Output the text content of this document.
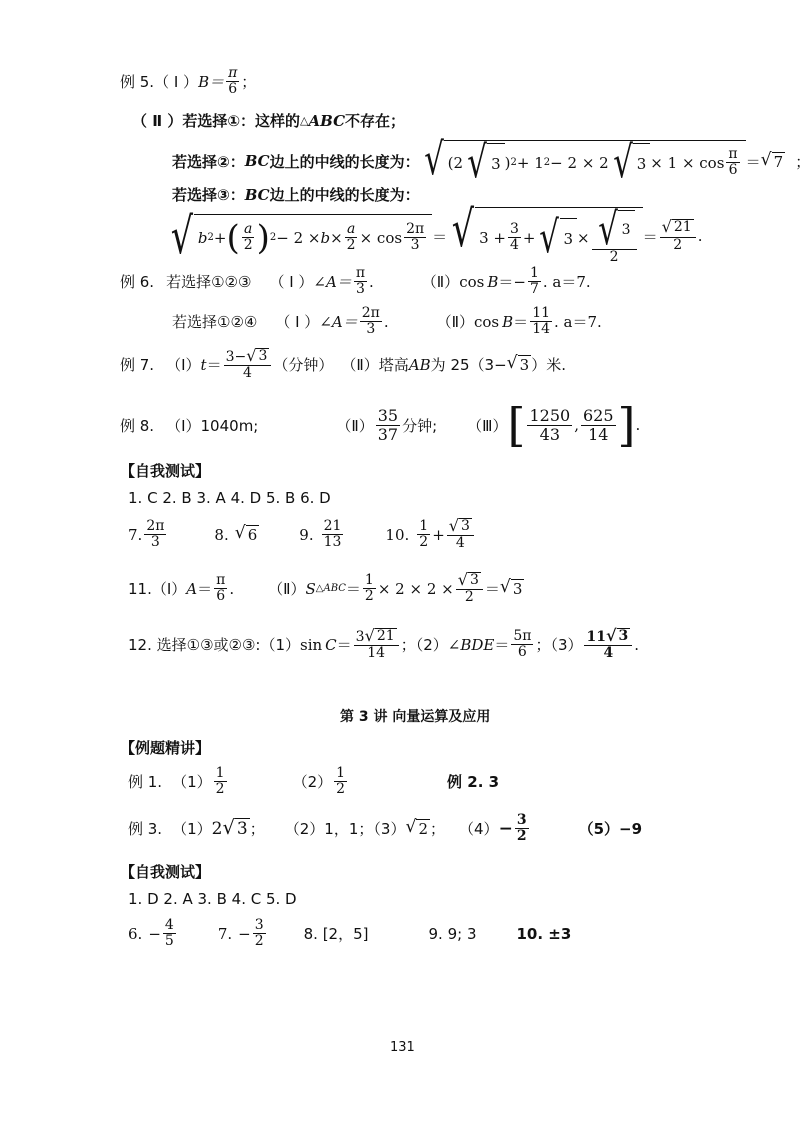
例 5. （ Ⅰ ） $B= \frac{\pi}{6}$ ；
（ Ⅱ ） 若选择①：这样的 △ ABC 不存在；
若选择②： BC 边上的中线的长度为： √ (2 √ 3 ) 2 + 1 2 − 2 × 2 √ $3 \times 1 \times \cos \frac{\pi}{6}$ ＝ √ 7 ；
若选择③： BC 边上的中线的长度为：
√ b 2 + ( $\frac{a}{2}$ ) $2 - 2 \times b \times \frac{a}{2} \times \cos \frac{2\pi}{3}$ ＝ √ $3 + \frac{3}{4}$ + √ $3 \times \frac{√ 3}{2} = \frac{√ 21}{2}$ .
例 6. 若选择①②③ （ Ⅰ ） ∠A＝ $\frac{\pi}{3}$ .	（Ⅱ） $\cos B =- \frac{1}{7}$ . a＝7.
若选择①②④ （ Ⅰ ） ∠A＝ $\frac{2\pi}{3}$ .	（Ⅱ） $\cos B = \frac{11}{14}$ . a＝7.
例 7. （Ⅰ） $t = \frac{3- √ 3}{4}$ （分钟） （Ⅱ）塔高 AB 为 25（3− √ 3 ）米.
例 8. （Ⅰ）1040m;	（Ⅱ） $\frac{35}{37}$ 分钟; （Ⅲ） [ $\frac{1250}{43}$ , $\frac{625}{14}$ ] .
【自我测试】
1. C 2. B 3. A 4. D 5. B 6. D
7. $\frac{2\pi}{3}$	8. √ 6	9. $\frac{21}{13}$	10. $\frac{1}{2} + \frac{√ 3}{4}$
11.（Ⅰ） $A = \frac{\pi}{6}$ . （Ⅱ） S △ABC ＝ $\frac{1}{2} \times 2 \times 2 \times \frac{√ 3}{2}$ ＝ √ 3
12. 选择①③或②③:（1） $\sin C = \frac{3 √ 21}{14}$ ；（2） ∠ BDE ＝ $\frac{5\pi}{6}$ ；$(3) \frac{11 √ 3}{4}$ .
第 3 讲 向量运算及应用
【例题精讲】
例 1. $(1) \frac{1}{2}$	$(2) \frac{1}{2}$	例 2. 3
例 3. （1） 2 √ 3 ； （2）1，1；（3） √ 2 ； $(4) - \frac{3}{2}$	（5）−9
【自我测试】
1. D 2. A 3. B 4. C 5. D
6. − $\frac{4}{5}$	7. − $\frac{3}{2}$	8. [2，5]	9. 9; 3	10. ±3
131
